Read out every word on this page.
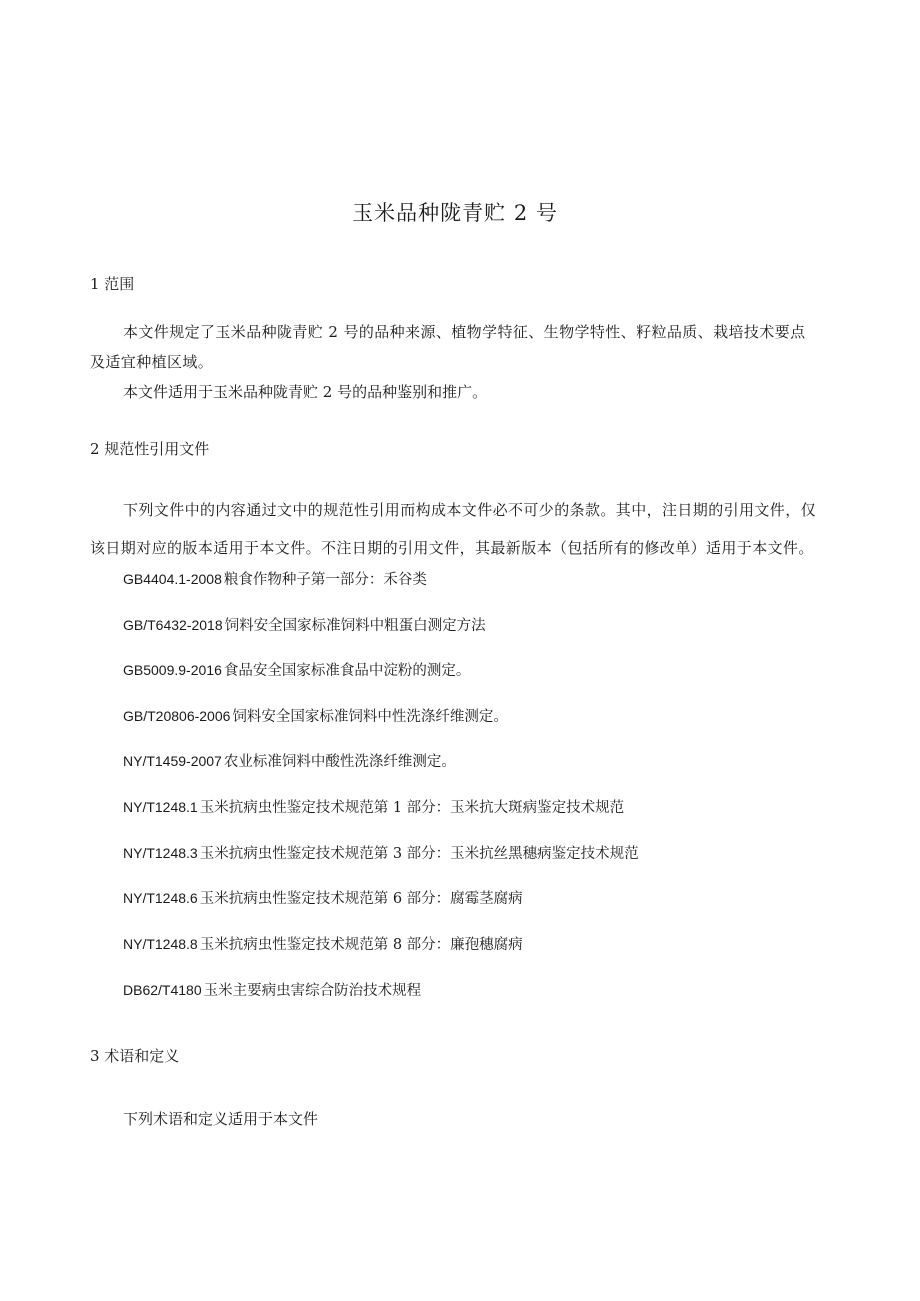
玉米品种陇青贮 2 号
1 范围

本文件规定了玉米品种陇青贮 2 号的品种来源、植物学特征、生物学特性、籽粒品质、栽培技术要点及适宜种植区域。

本文件适用于玉米品种陇青贮 2 号的品种鉴别和推广。

2 规范性引用文件

下列文件中的内容通过文中的规范性引用而构成本文件必不可少的条款。其中，注日期的引用文件，仅该日期对应的版本适用于本文件。不注日期的引用文件，其最新版本（包括所有的修改单）适用于本文件。

GB4404.1-2008 粮食作物种子第一部分：禾谷类

GB/T6432-2018 饲料安全国家标准饲料中粗蛋白测定方法

GB5009.9-2016 食品安全国家标准食品中淀粉的测定。

GB/T20806-2006 饲料安全国家标准饲料中性洗涤纤维测定。

NY/T1459-2007 农业标准饲料中酸性洗涤纤维测定。

NY/T1248.1 玉米抗病虫性鉴定技术规范第 1 部分：玉米抗大斑病鉴定技术规范

NY/T1248.3 玉米抗病虫性鉴定技术规范第 3 部分：玉米抗丝黑穗病鉴定技术规范

NY/T1248.6 玉米抗病虫性鉴定技术规范第 6 部分：腐霉茎腐病

NY/T1248.8 玉米抗病虫性鉴定技术规范第 8 部分：廉孢穗腐病

DB62/T4180 玉米主要病虫害综合防治技术规程

3 术语和定义

下列术语和定义适用于本文件
